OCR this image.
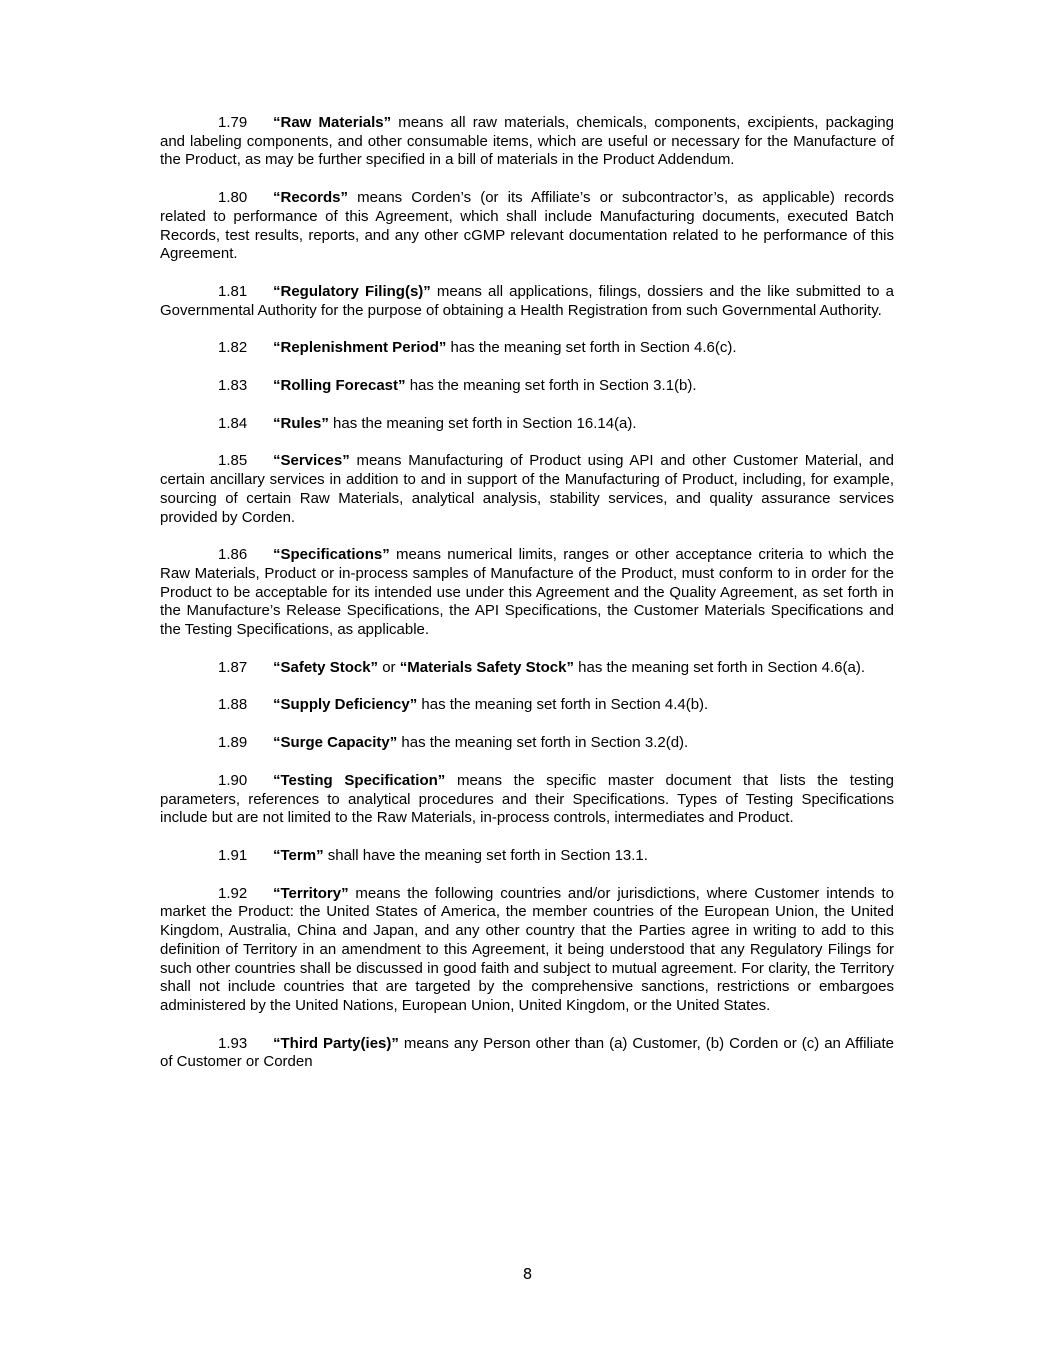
1.79 “Raw Materials” means all raw materials, chemicals, components, excipients, packaging and labeling components, and other consumable items, which are useful or necessary for the Manufacture of the Product, as may be further specified in a bill of materials in the Product Addendum.

1.80 “Records” means Corden’s (or its Affiliate’s or subcontractor’s, as applicable) records related to performance of this Agreement, which shall include Manufacturing documents, executed Batch Records, test results, reports, and any other cGMP relevant documentation related to he performance of this Agreement.

1.81 “Regulatory Filing(s)” means all applications, filings, dossiers and the like submitted to a Governmental Authority for the purpose of obtaining a Health Registration from such Governmental Authority.

1.82 “Replenishment Period” has the meaning set forth in Section 4.6(c).

1.83 “Rolling Forecast” has the meaning set forth in Section 3.1(b).

1.84 “Rules” has the meaning set forth in Section 16.14(a).

1.85 “Services” means Manufacturing of Product using API and other Customer Material, and certain ancillary services in addition to and in support of the Manufacturing of Product, including, for example, sourcing of certain Raw Materials, analytical analysis, stability services, and quality assurance services provided by Corden.

1.86 “Specifications” means numerical limits, ranges or other acceptance criteria to which the Raw Materials, Product or in-process samples of Manufacture of the Product, must conform to in order for the Product to be acceptable for its intended use under this Agreement and the Quality Agreement, as set forth in the Manufacture’s Release Specifications, the API Specifications, the Customer Materials Specifications and the Testing Specifications, as applicable.

1.87 “Safety Stock” or “Materials Safety Stock” has the meaning set forth in Section 4.6(a).

1.88 “Supply Deficiency” has the meaning set forth in Section 4.4(b).

1.89 “Surge Capacity” has the meaning set forth in Section 3.2(d).

1.90 “Testing Specification” means the specific master document that lists the testing parameters, references to analytical procedures and their Specifications. Types of Testing Specifications include but are not limited to the Raw Materials, in-process controls, intermediates and Product.

1.91 “Term” shall have the meaning set forth in Section 13.1.

1.92 “Territory” means the following countries and/or jurisdictions, where Customer intends to market the Product: the United States of America, the member countries of the European Union, the United Kingdom, Australia, China and Japan, and any other country that the Parties agree in writing to add to this definition of Territory in an amendment to this Agreement, it being understood that any Regulatory Filings for such other countries shall be discussed in good faith and subject to mutual agreement. For clarity, the Territory shall not include countries that are targeted by the comprehensive sanctions, restrictions or embargoes administered by the United Nations, European Union, United Kingdom, or the United States.

1.93 “Third Party(ies)” means any Person other than (a) Customer, (b) Corden or (c) an Affiliate of Customer or Corden

8
